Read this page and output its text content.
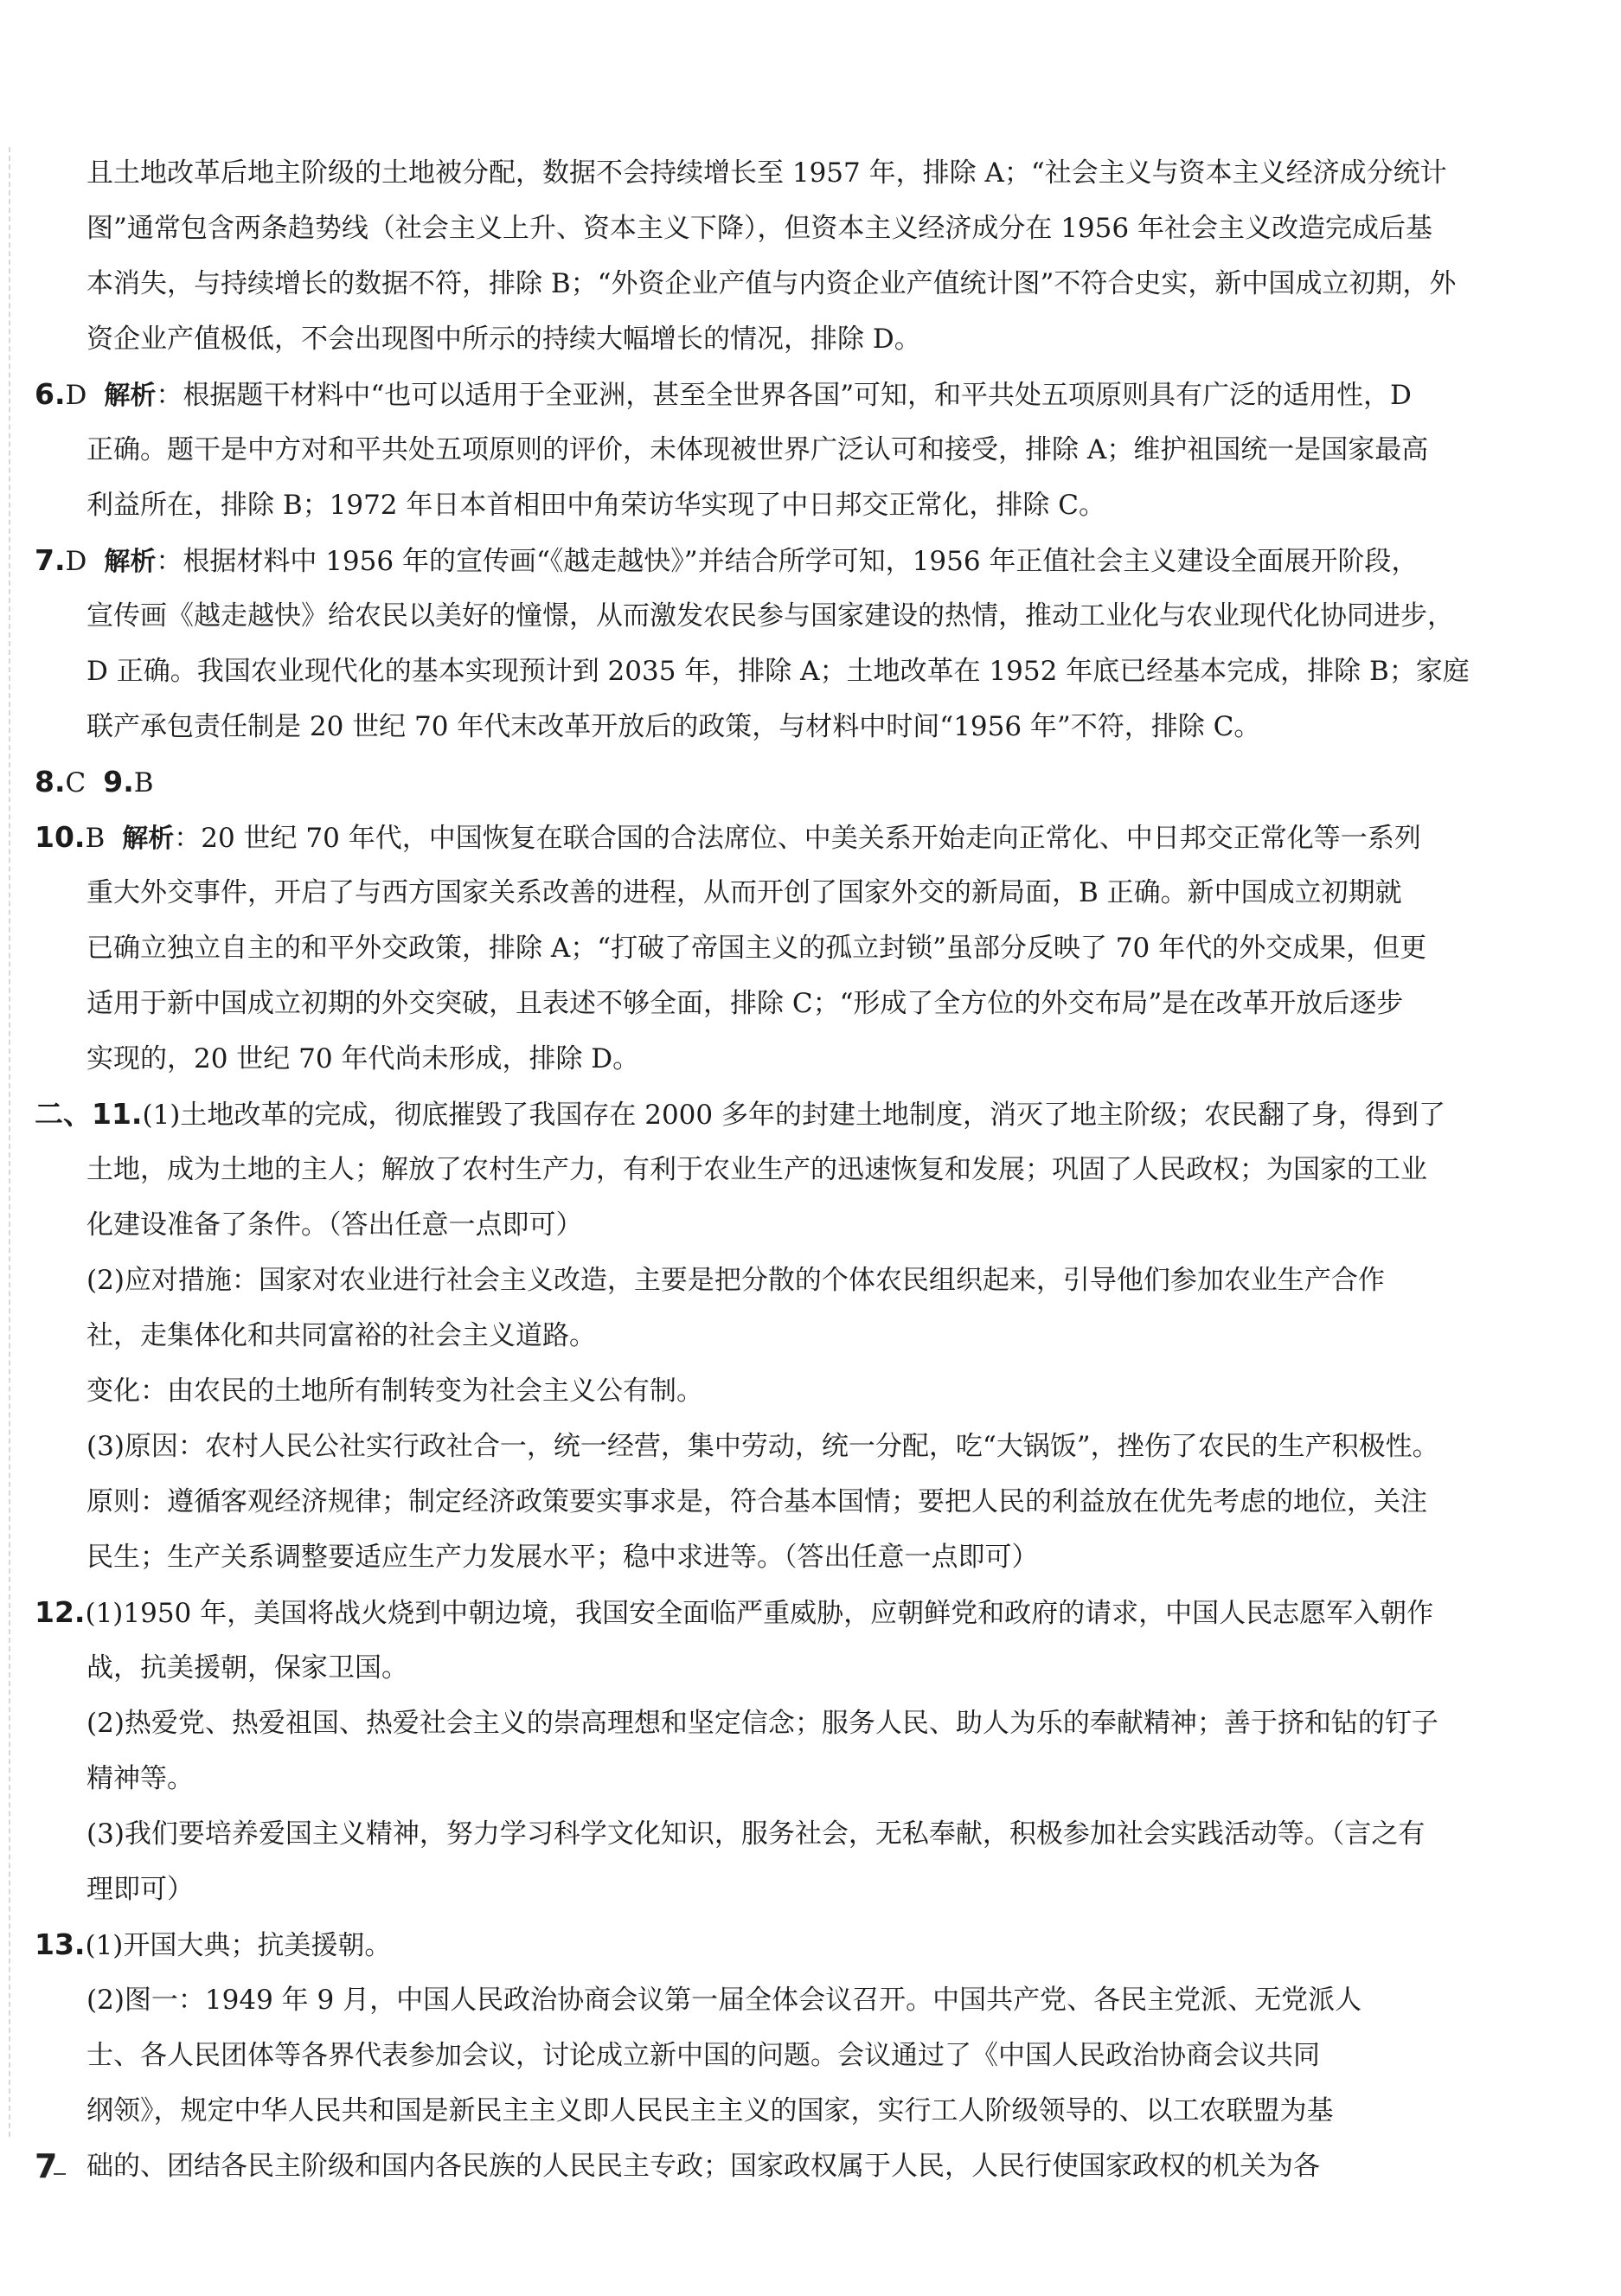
且土地改革后地主阶级的土地被分配，数据不会持续增长至 1957 年，排除 A；“社会主义与资本主义经济成分统计
图”通常包含两条趋势线（社会主义上升、资本主义下降），但资本主义经济成分在 1956 年社会主义改造完成后基
本消失，与持续增长的数据不符，排除 B；“外资企业产值与内资企业产值统计图”不符合史实，新中国成立初期，外
资企业产值极低，不会出现图中所示的持续大幅增长的情况，排除 D。
6.D 解析：根据题干材料中“也可以适用于全亚洲，甚至全世界各国”可知，和平共处五项原则具有广泛的适用性，D
正确。题干是中方对和平共处五项原则的评价，未体现被世界广泛认可和接受，排除 A；维护祖国统一是国家最高
利益所在，排除 B；1972 年日本首相田中角荣访华实现了中日邦交正常化，排除 C。
7.D 解析：根据材料中 1956 年的宣传画“《越走越快》”并结合所学可知，1956 年正值社会主义建设全面展开阶段，
宣传画《越走越快》给农民以美好的憧憬，从而激发农民参与国家建设的热情，推动工业化与农业现代化协同进步，
D 正确。我国农业现代化的基本实现预计到 2035 年，排除 A；土地改革在 1952 年底已经基本完成，排除 B；家庭
联产承包责任制是 20 世纪 70 年代末改革开放后的政策，与材料中时间“1956 年”不符，排除 C。
8.C 9.B
10.B 解析：20 世纪 70 年代，中国恢复在联合国的合法席位、中美关系开始走向正常化、中日邦交正常化等一系列
重大外交事件，开启了与西方国家关系改善的进程，从而开创了国家外交的新局面，B 正确。新中国成立初期就
已确立独立自主的和平外交政策，排除 A；“打破了帝国主义的孤立封锁”虽部分反映了 70 年代的外交成果，但更
适用于新中国成立初期的外交突破，且表述不够全面，排除 C；“形成了全方位的外交布局”是在改革开放后逐步
实现的，20 世纪 70 年代尚未形成，排除 D。
二、11.(1)土地改革的完成，彻底摧毁了我国存在 2000 多年的封建土地制度，消灭了地主阶级；农民翻了身，得到了
土地，成为土地的主人；解放了农村生产力，有利于农业生产的迅速恢复和发展；巩固了人民政权；为国家的工业
化建设准备了条件。（答出任意一点即可）
(2)应对措施：国家对农业进行社会主义改造，主要是把分散的个体农民组织起来，引导他们参加农业生产合作
社，走集体化和共同富裕的社会主义道路。
变化：由农民的土地所有制转变为社会主义公有制。
(3)原因：农村人民公社实行政社合一，统一经营，集中劳动，统一分配，吃“大锅饭”，挫伤了农民的生产积极性。
原则：遵循客观经济规律；制定经济政策要实事求是，符合基本国情；要把人民的利益放在优先考虑的地位，关注
民生；生产关系调整要适应生产力发展水平；稳中求进等。（答出任意一点即可）
12.(1)1950 年，美国将战火烧到中朝边境，我国安全面临严重威胁，应朝鲜党和政府的请求，中国人民志愿军入朝作
战，抗美援朝，保家卫国。
(2)热爱党、热爱祖国、热爱社会主义的崇高理想和坚定信念；服务人民、助人为乐的奉献精神；善于挤和钻的钉子
精神等。
(3)我们要培养爱国主义精神，努力学习科学文化知识，服务社会，无私奉献，积极参加社会实践活动等。（言之有
理即可）
13.(1)开国大典；抗美援朝。
(2)图一：1949 年 9 月，中国人民政治协商会议第一届全体会议召开。中国共产党、各民主党派、无党派人
士、各人民团体等各界代表参加会议，讨论成立新中国的问题。会议通过了《中国人民政治协商会议共同
纲领》，规定中华人民共和国是新民主主义即人民民主主义的国家，实行工人阶级领导的、以工农联盟为基
础的、团结各民主阶级和国内各民族的人民民主专政；国家政权属于人民，人民行使国家政权的机关为各
7
